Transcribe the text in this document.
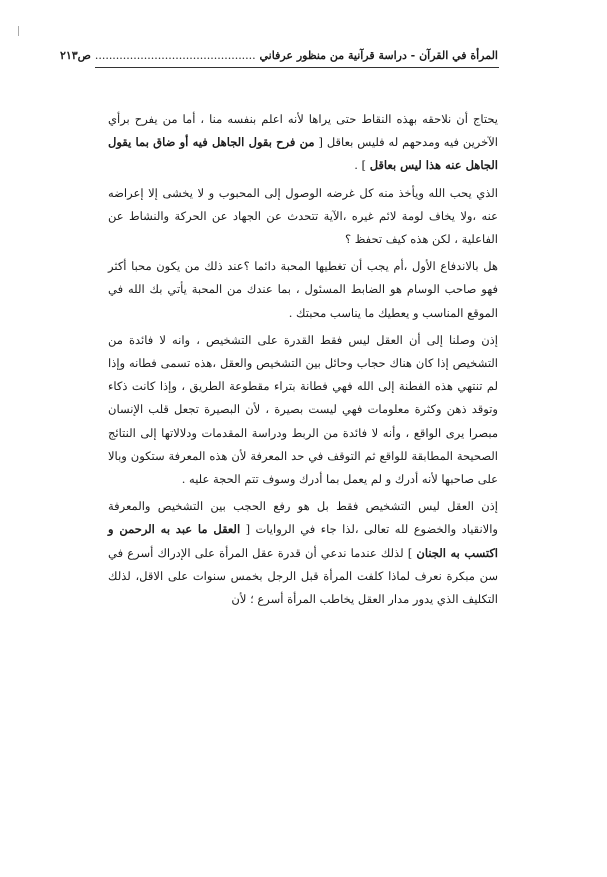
المرأة في القرآن - دراسة قرآنية من منظور عرفاني .............................................. ص٢١٣

يحتاج أن نلاحقه بهذه النقاط حتى يراها لأنه اعلم بنفسه منا ، أما من يفرح برأي الآخرين فيه ومدحهم له فليس بعاقل [ من فرح بقول الجاهل فيه أو ضاق بما يقول الجاهل عنه هذا ليس بعاقل ] .

الذي يحب الله ويأخذ منه كل غرضه الوصول إلى المحبوب و لا يخشى إلا إعراضه عنه ،ولا يخاف لومة لائم غيره ،الآية تتحدث عن الجهاد عن الحركة والنشاط عن الفاعلية ، لكن هذه كيف تحفظ ؟

هل بالاندفاع الأول ،أم يجب أن تغطيها المحبة دائما ؟عند ذلك من يكون محبا أكثر فهو صاحب الوسام هو الضابط المسئول ، بما عندك من المحبة يأتي بك الله في الموقع المناسب و يعطيك ما يناسب محبتك .

إذن وصلنا إلى أن العقل ليس فقط القدرة على التشخيص ، وانه لا فائدة من التشخيص إذا كان هناك حجاب وحائل بين التشخيص والعقل ،هذه تسمى فطانه وإذا لم تنتهي هذه الفطنة إلى الله فهي فطانة بتراء مقطوعة الطريق ، وإذا كانت ذكاء وتوقد ذهن وكثرة معلومات فهي ليست بصيرة ، لأن البصيرة تجعل قلب الإنسان مبصرا يرى الواقع ، وأنه لا فائدة من الربط ودراسة المقدمات ودلالاتها إلى النتائج الصحيحة المطابقة للواقع ثم التوقف في حد المعرفة لأن هذه المعرفة ستكون وبالا على صاحبها لأنه أدرك و لم يعمل بما أدرك وسوف تتم الحجة عليه .

إذن العقل ليس التشخيص فقط بل هو رفع الحجب بين التشخيص والمعرفة والانقياد والخضوع لله تعالى ،لذا جاء في الروايات [ العقل ما عبد به الرحمن و اكتسب به الجنان ] لذلك عندما ندعي أن قدرة عقل المرأة على الإدراك أسرع في سن مبكرة نعرف لماذا كلفت المرأة قبل الرجل بخمس سنوات على الاقل، لذلك التكليف الذي يدور مدار العقل يخاطب المرأة أسرع ؛ لأن
